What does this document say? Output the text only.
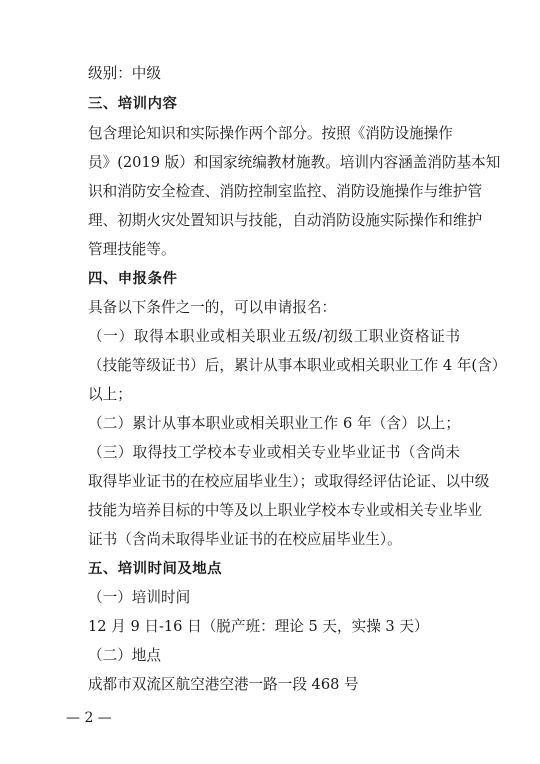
级别：中级
三、培训内容
包含理论知识和实际操作两个部分。按照《消防设施操作
员》(2019 版）和国家统编教材施教。培训内容涵盖消防基本知
识和消防安全检查、消防控制室监控、消防设施操作与维护管
理、初期火灾处置知识与技能，自动消防设施实际操作和维护
管理技能等。
四、申报条件
具备以下条件之一的，可以申请报名：
（一）取得本职业或相关职业五级/初级工职业资格证书
（技能等级证书）后，累计从事本职业或相关职业工作 4 年(含）
以上；
（二）累计从事本职业或相关职业工作 6 年（含）以上；
（三）取得技工学校本专业或相关专业毕业证书（含尚未
取得毕业证书的在校应届毕业生）；或取得经评估论证、以中级
技能为培养目标的中等及以上职业学校本专业或相关专业毕业
证书（含尚未取得毕业证书的在校应届毕业生）。
五、培训时间及地点
（一）培训时间
12 月 9 日-16 日（脱产班：理论 5 天，实操 3 天）
（二）地点
成都市双流区航空港空港一路一段 468 号
— 2 —
